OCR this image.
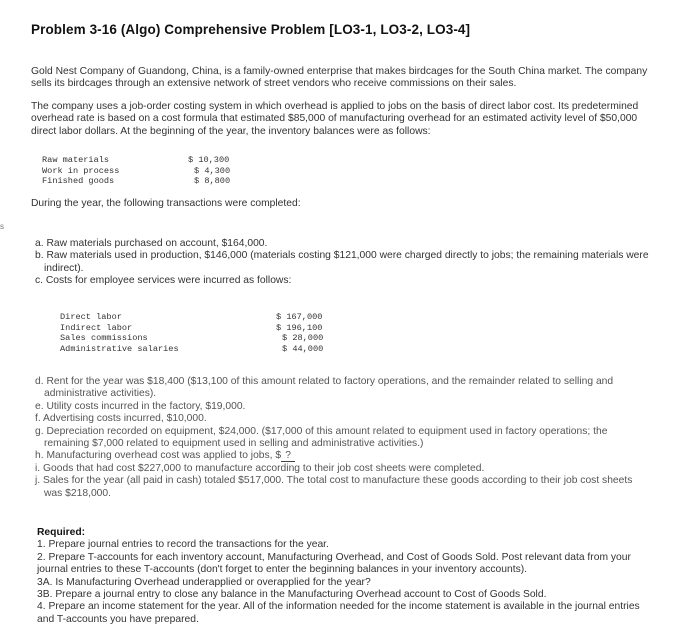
Problem 3-16 (Algo) Comprehensive Problem [LO3-1, LO3-2, LO3-4]
Gold Nest Company of Guandong, China, is a family-owned enterprise that makes birdcages for the South China market. The company
sells its birdcages through an extensive network of street vendors who receive commissions on their sales.
The company uses a job-order costing system in which overhead is applied to jobs on the basis of direct labor cost. Its predetermined
overhead rate is based on a cost formula that estimated $85,000 of manufacturing overhead for an estimated activity level of $50,000
direct labor dollars. At the beginning of the year, the inventory balances were as follows:
Raw materials	$ 10,300
Work in process	$ 4,300
Finished goods	$ 8,800
During the year, the following transactions were completed:
s
a. Raw materials purchased on account, $164,000.
b. Raw materials used in production, $146,000 (materials costing $121,000 were charged directly to jobs; the remaining materials were
indirect).
c. Costs for employee services were incurred as follows:
Direct labor	$ 167,000
Indirect labor	$ 196,100
Sales commissions	$ 28,000
Administrative salaries	$ 44,000
d. Rent for the year was $18,400 ($13,100 of this amount related to factory operations, and the remainder related to selling and
administrative activities).
e. Utility costs incurred in the factory, $19,000.
f. Advertising costs incurred, $10,000.
g. Depreciation recorded on equipment, $24,000. ($17,000 of this amount related to equipment used in factory operations; the
remaining $7,000 related to equipment used in selling and administrative activities.)
h. Manufacturing overhead cost was applied to jobs, $ ?
i. Goods that had cost $227,000 to manufacture according to their job cost sheets were completed.
j. Sales for the year (all paid in cash) totaled $517,000. The total cost to manufacture these goods according to their job cost sheets
was $218,000.
Required:
1. Prepare journal entries to record the transactions for the year.
2. Prepare T-accounts for each inventory account, Manufacturing Overhead, and Cost of Goods Sold. Post relevant data from your
journal entries to these T-accounts (don't forget to enter the beginning balances in your inventory accounts).
3A. Is Manufacturing Overhead underapplied or overapplied for the year?
3B. Prepare a journal entry to close any balance in the Manufacturing Overhead account to Cost of Goods Sold.
4. Prepare an income statement for the year. All of the information needed for the income statement is available in the journal entries
and T-accounts you have prepared.
